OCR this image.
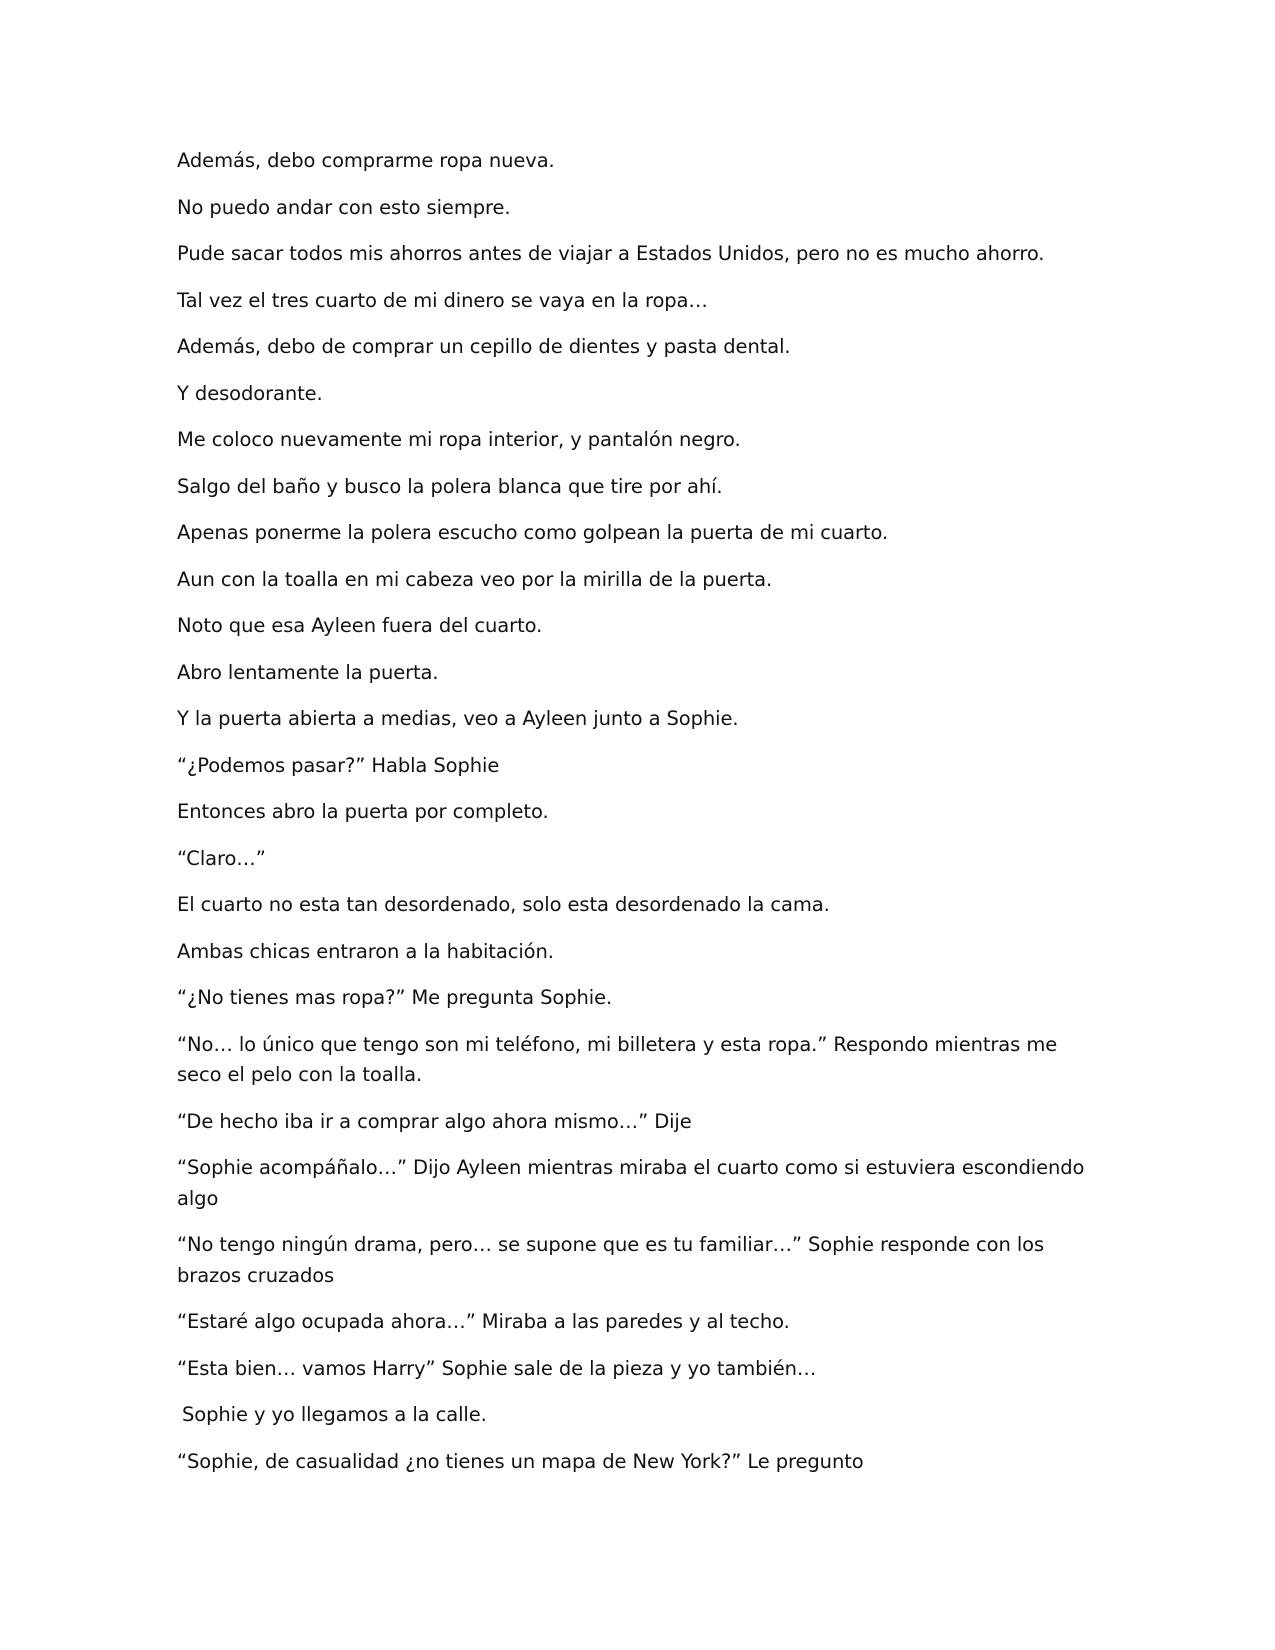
Además, debo comprarme ropa nueva.

No puedo andar con esto siempre.

Pude sacar todos mis ahorros antes de viajar a Estados Unidos, pero no es mucho ahorro.

Tal vez el tres cuarto de mi dinero se vaya en la ropa…

Además, debo de comprar un cepillo de dientes y pasta dental.

Y desodorante.

Me coloco nuevamente mi ropa interior, y pantalón negro.

Salgo del baño y busco la polera blanca que tire por ahí.

Apenas ponerme la polera escucho como golpean la puerta de mi cuarto.

Aun con la toalla en mi cabeza veo por la mirilla de la puerta.

Noto que esa Ayleen fuera del cuarto.

Abro lentamente la puerta.

Y la puerta abierta a medias, veo a Ayleen junto a Sophie.

“¿Podemos pasar?” Habla Sophie

Entonces abro la puerta por completo.

“Claro…”

El cuarto no esta tan desordenado, solo esta desordenado la cama.

Ambas chicas entraron a la habitación.

“¿No tienes mas ropa?” Me pregunta Sophie.

“No… lo único que tengo son mi teléfono, mi billetera y esta ropa.” Respondo mientras me seco el pelo con la toalla.

“De hecho iba ir a comprar algo ahora mismo…” Dije

“Sophie acompáñalo…” Dijo Ayleen mientras miraba el cuarto como si estuviera escondiendo algo

“No tengo ningún drama, pero… se supone que es tu familiar…” Sophie responde con los brazos cruzados

“Estaré algo ocupada ahora…” Miraba a las paredes y al techo.

“Esta bien… vamos Harry” Sophie sale de la pieza y yo también…

Sophie y yo llegamos a la calle.

“Sophie, de casualidad ¿no tienes un mapa de New York?” Le pregunto
